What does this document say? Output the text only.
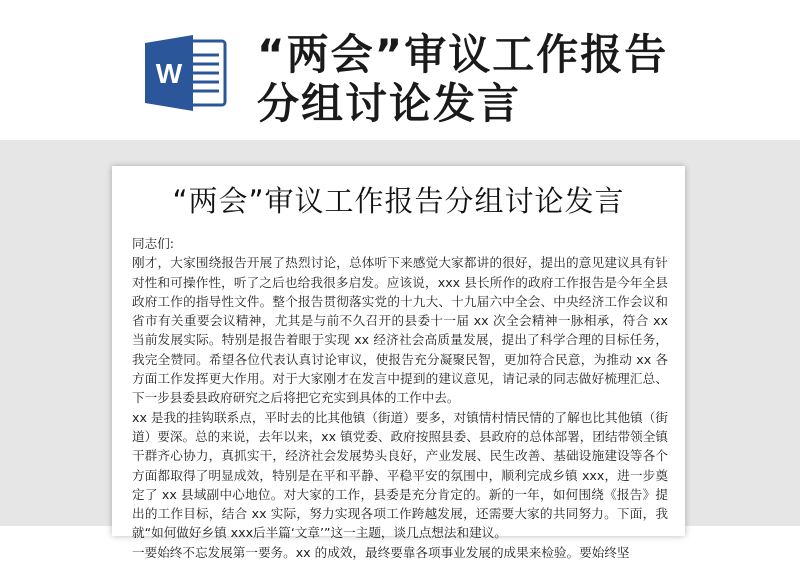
W “两会”审议工作报告分组讨论发言
“两会”审议工作报告分组讨论发言

同志们:

刚才，大家围绕报告开展了热烈讨论，总体听下来感觉大家都讲的很好，提出的意见建议具有针对性和可操作性，听了之后也给我很多启发。应该说，xxx 县长所作的政府工作报告是今年全县政府工作的指导性文件。整个报告贯彻落实党的十九大、十九届六中全会、中央经济工作会议和省市有关重要会议精神，尤其是与前不久召开的县委十一届 xx 次全会精神一脉相承，符合 xx 当前发展实际。特别是报告着眼于实现 xx 经济社会高质量发展，提出了科学合理的目标任务，我完全赞同。希望各位代表认真讨论审议，使报告充分凝聚民智，更加符合民意，为推动 xx 各方面工作发挥更大作用。对于大家刚才在发言中提到的建议意见，请记录的同志做好梳理汇总、下一步县委县政府研究之后将把它充实到具体的工作中去。

xx 是我的挂钩联系点，平时去的比其他镇（街道）要多，对镇情村情民情的了解也比其他镇（街道）要深。总的来说，去年以来，xx 镇党委、政府按照县委、县政府的总体部署，团结带领全镇干群齐心协力，真抓实干，经济社会发展势头良好，产业发展、民生改善、基础设施建设等各个方面都取得了明显成效，特别是在平和平静、平稳平安的氛围中，顺利完成乡镇 xxx，进一步奠定了 xx 县域副中心地位。对大家的工作，县委是充分肯定的。新的一年，如何围绕《报告》提出的工作目标，结合 xx 实际，努力实现各项工作跨越发展，还需要大家的共同努力。下面，我就“如何做好乡镇 xxx后半篇‘文章’”这一主题，谈几点想法和建议。

一要始终不忘发展第一要务。xx 的成效，最终要靠各项事业发展的成果来检验。要始终坚
